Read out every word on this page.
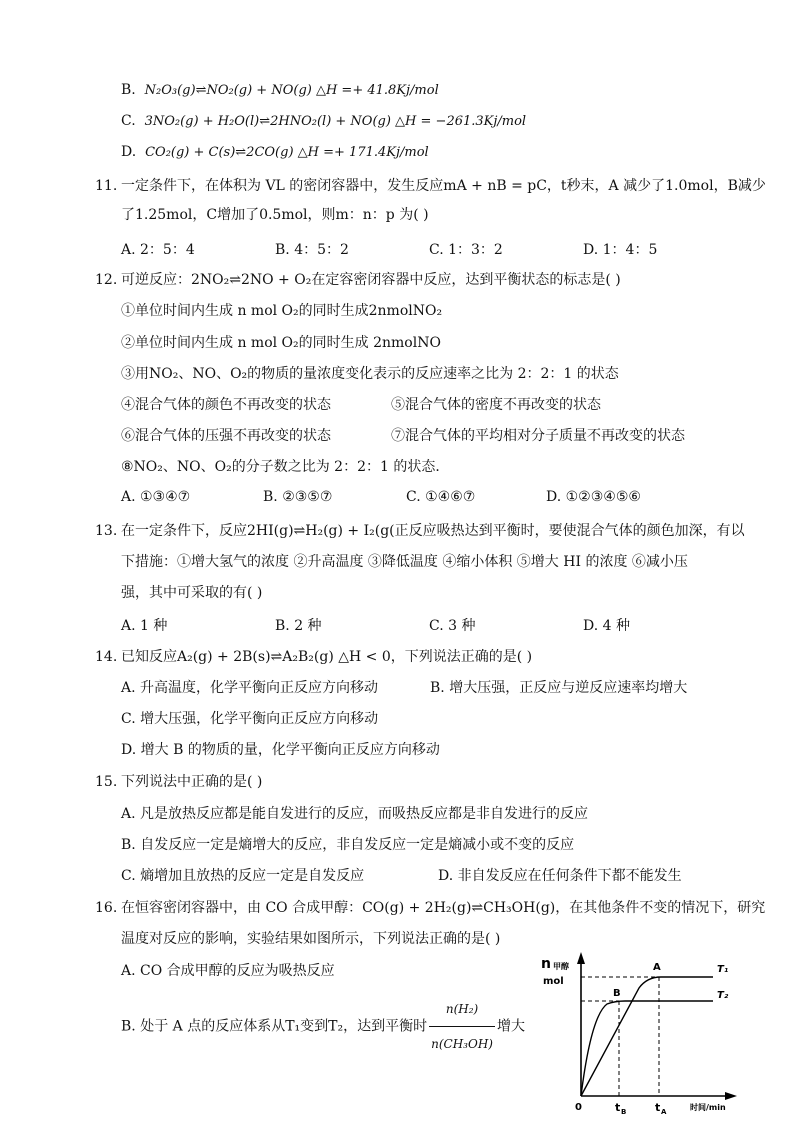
B. N₂O₃(g)⇌NO₂(g) + NO(g) △H =+ 41.8Kj/mol
C. 3NO₂(g) + H₂O(l)⇌2HNO₂(l) + NO(g) △H = −261.3Kj/mol
D. CO₂(g) + C(s)⇌2CO(g) △H =+ 171.4Kj/mol
11. 一定条件下，在体积为 VL 的密闭容器中，发生反应mA + nB = pC，t秒末，A 减少了1.0mol，B减少
了1.25mol，C增加了0.5mol，则m：n：p 为( )
A. 2：5：4	B. 4：5：2	C. 1：3：2	D. 1：4：5
12. 可逆反应：2NO₂⇌2NO + O₂在定容密闭容器中反应，达到平衡状态的标志是( )
①单位时间内生成 n mol O₂的同时生成2nmolNO₂
②单位时间内生成 n mol O₂的同时生成 2nmolNO
③用NO₂、NO、O₂的物质的量浓度变化表示的反应速率之比为 2：2：1 的状态
④混合气体的颜色不再改变的状态	⑤混合气体的密度不再改变的状态
⑥混合气体的压强不再改变的状态	⑦混合气体的平均相对分子质量不再改变的状态
⑧NO₂、NO、O₂的分子数之比为 2：2：1 的状态．
A. ①③④⑦	B. ②③⑤⑦	C. ①④⑥⑦	D. ①②③④⑤⑥
13. 在一定条件下，反应2HI(g)⇌H₂(g) + I₂(g(正反应吸热达到平衡时，要使混合气体的颜色加深，有以
下措施：①增大氢气的浓度 ②升高温度 ③降低温度 ④缩小体积 ⑤增大 HI 的浓度 ⑥减小压
强，其中可采取的有( )
A. 1 种	B. 2 种	C. 3 种	D. 4 种
14. 已知反应A₂(g) + 2B(s)⇌A₂B₂(g) △H < 0，下列说法正确的是( )
A. 升高温度，化学平衡向正反应方向移动	B. 增大压强，正反应与逆反应速率均增大
C. 增大压强，化学平衡向正反应方向移动
D. 增大 B 的物质的量，化学平衡向正反应方向移动
15. 下列说法中正确的是( )
A. 凡是放热反应都是能自发进行的反应，而吸热反应都是非自发进行的反应
B. 自发反应一定是熵增大的反应，非自发反应一定是熵减小或不变的反应
C. 熵增加且放热的反应一定是自发反应	D. 非自发反应在任何条件下都不能发生
16. 在恒容密闭容器中，由 CO 合成甲醇：CO(g) + 2H₂(g)⇌CH₃OH(g)，在其他条件不变的情况下，研究
温度对反应的影响，实验结果如图所示，下列说法正确的是( )
A. CO 合成甲醇的反应为吸热反应
B. 处于 A 点的反应体系从T₁变到T₂，达到平衡时 $\frac{\text{n(H₂)}}{\text{n(CH₃OH)}}$ 增大
n 甲醇
mol
0	时间/min
T₁
T₂
A
B
t B	t A
